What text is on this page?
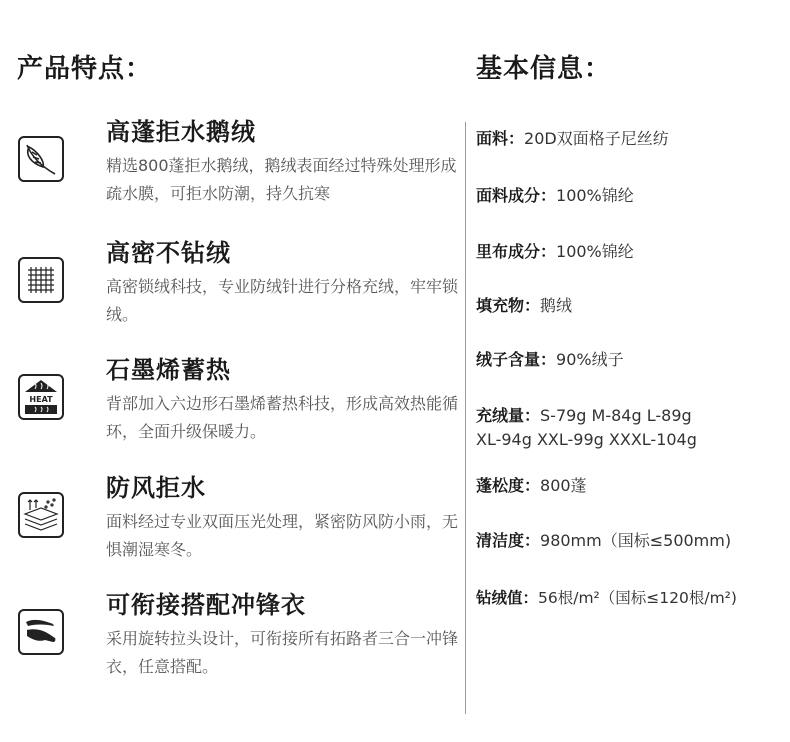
产品特点：	基本信息：
高蓬拒水鹅绒
精选800蓬拒水鹅绒，鹅绒表面经过特殊处理形成疏水膜，可拒水防潮，持久抗寒
高密不钻绒
高密锁绒科技，专业防绒针进行分格充绒，牢牢锁绒。
HEAT
石墨烯蓄热
背部加入六边形石墨烯蓄热科技，形成高效热能循环，全面升级保暖力。
防风拒水
面料经过专业双面压光处理，紧密防风防小雨，无惧潮湿寒冬。
可衔接搭配冲锋衣
采用旋转拉头设计，可衔接所有拓路者三合一冲锋衣，任意搭配。
面料：20D双面格子尼丝纺
面料成分：100%锦纶
里布成分：100%锦纶
填充物：鹅绒
绒子含量：90%绒子
充绒量：S-79g M-84g L-89g
XL-94g XXL-99g XXXL-104g
蓬松度：800蓬
清洁度：980mm（国标≤500mm)
钻绒值：56根/m²（国标≤120根/m²)
